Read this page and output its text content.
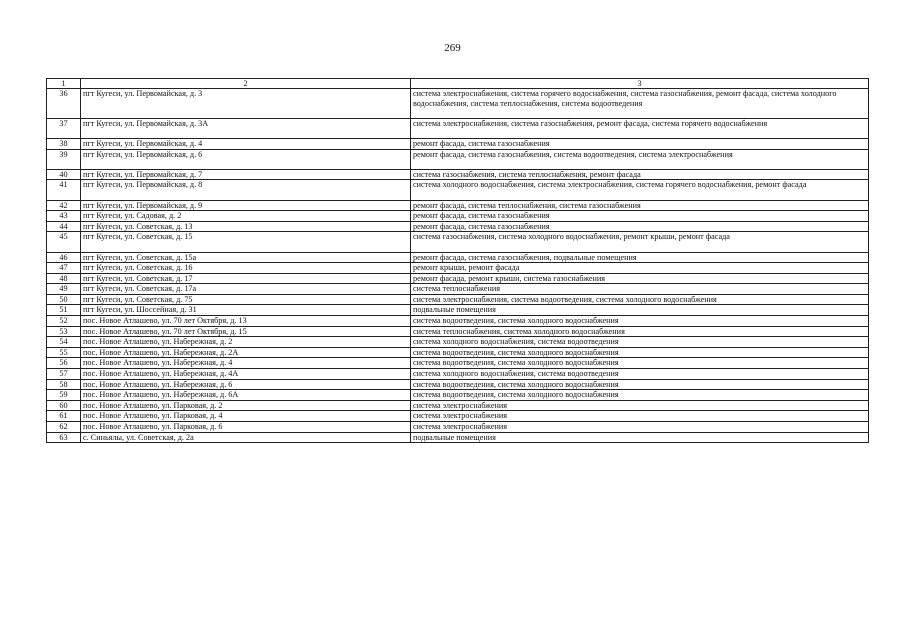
269
1	2	3
36	пгт Кугеси, ул. Первомайская, д. 3	система электроснабжения, система горячего водоснабжения, система газоснабжения, ремонт фасада, система холодного водоснабжения, система теплоснабжения, система водоотведения
37	пгт Кугеси, ул. Первомайская, д. 3А	система электроснабжения, система газоснабжения, ремонт фасада, система горячего водоснабжения
38	пгт Кугеси, ул. Первомайская, д. 4	ремонт фасада, система газоснабжения
39	пгт Кугеси, ул. Первомайская, д. 6	ремонт фасада, система газоснабжения, система водоотведения, система электроснабжения
40	пгт Кугеси, ул. Первомайская, д. 7	система газоснабжения, система теплоснабжения, ремонт фасада
41	пгт Кугеси, ул. Первомайская, д. 8	система холодного водоснабжения, система электроснабжения, система горячего водоснабжения, ремонт фасада
42	пгт Кугеси, ул. Первомайская, д. 9	ремонт фасада, система теплоснабжения, система газоснабжения
43	пгт Кугеси, ул. Садовая, д. 2	ремонт фасада, система газоснабжения
44	пгт Кугеси, ул. Советская, д. 13	ремонт фасада, система газоснабжения
45	пгт Кугеси, ул. Советская, д. 15	система газоснабжения, система холодного водоснабжения, ремонт крыши, ремонт фасада
46	пгт Кугеси, ул. Советская, д. 15а	ремонт фасада, система газоснабжения, подвальные помещения
47	пгт Кугеси, ул. Советская, д. 16	ремонт крыши, ремонт фасада
48	пгт Кугеси, ул. Советская, д. 17	ремонт фасада, ремонт крыши, система газоснабжения
49	пгт Кугеси, ул. Советская, д. 17а	система теплоснабжения
50	пгт Кугеси, ул. Советская, д. 75	система электроснабжения, система водоотведения, система холодного водоснабжения
51	пгт Кугеси, ул. Шоссейная, д. 31	подвальные помещения
52	пос. Новое Атлашево, ул. 70 лет Октября, д. 13	система водоотведения, система холодного водоснабжения
53	пос. Новое Атлашево, ул. 70 лет Октября, д. 15	система теплоснабжения, система холодного водоснабжения
54	пос. Новое Атлашево, ул. Набережная, д. 2	система холодного водоснабжения, система водоотведения
55	пос. Новое Атлашево, ул. Набережная, д. 2А	система водоотведения, система холодного водоснабжения
56	пос. Новое Атлашево, ул. Набережная, д. 4	система водоотведения, система холодного водоснабжения
57	пос. Новое Атлашево, ул. Набережная, д. 4А	система холодного водоснабжения, система водоотведения
58	пос. Новое Атлашево, ул. Набережная, д. 6	система водоотведения, система холодного водоснабжения
59	пос. Новое Атлашево, ул. Набережная, д. 6А	система водоотведения, система холодного водоснабжения
60	пос. Новое Атлашево, ул. Парковая, д. 2	система электроснабжения
61	пос. Новое Атлашево, ул. Парковая, д. 4	система электроснабжения
62	пос. Новое Атлашево, ул. Парковая, д. 6	система электроснабжения
63	с. Синьялы, ул. Советская, д. 2а	подвальные помещения
